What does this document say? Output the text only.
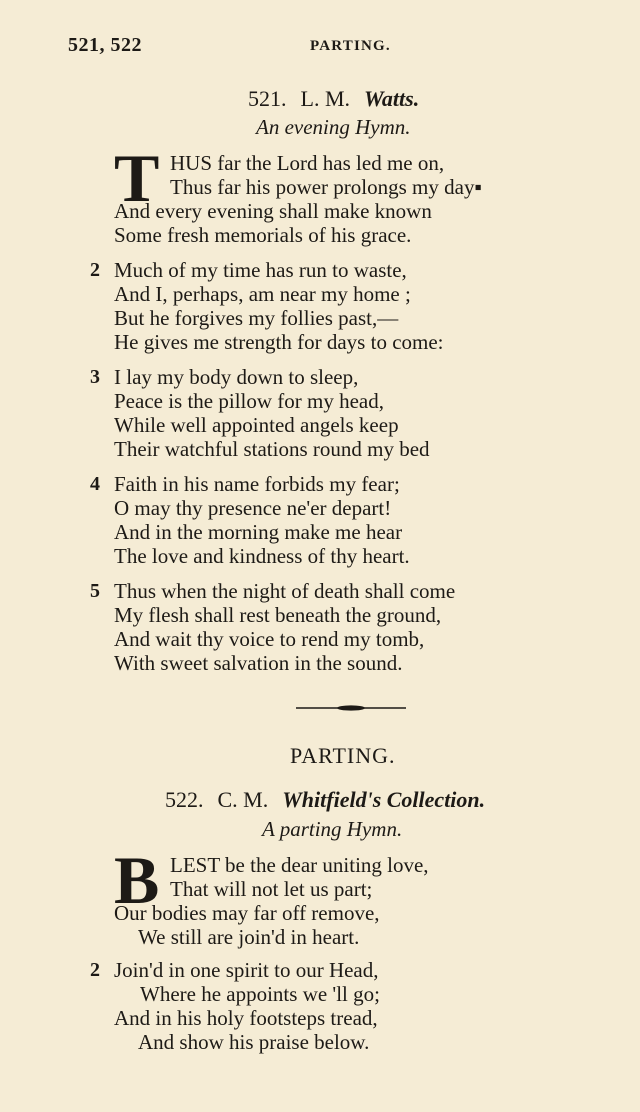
521, 522	PARTING.
521. L. M. Watts.
An evening Hymn.
T HUS far the Lord has led me on,
Thus far his power prolongs my day▪
And every evening shall make known
Some fresh memorials of his grace.
2 Much of my time has run to waste,
And I, perhaps, am near my home ;
But he forgives my follies past,—
He gives me strength for days to come:
3 I lay my body down to sleep,
Peace is the pillow for my head,
While well appointed angels keep
Their watchful stations round my bed
4 Faith in his name forbids my fear;
O may thy presence ne'er depart!
And in the morning make me hear
The love and kindness of thy heart.
5 Thus when the night of death shall come
My flesh shall rest beneath the ground,
And wait thy voice to rend my tomb,
With sweet salvation in the sound.
PARTING.
522. C. M. Whitfield's Collection.
A parting Hymn.
B LEST be the dear uniting love,
That will not let us part;
Our bodies may far off remove,
We still are join'd in heart.
2 Join'd in one spirit to our Head,
Where he appoints we 'll go;
And in his holy footsteps tread,
And show his praise below.
